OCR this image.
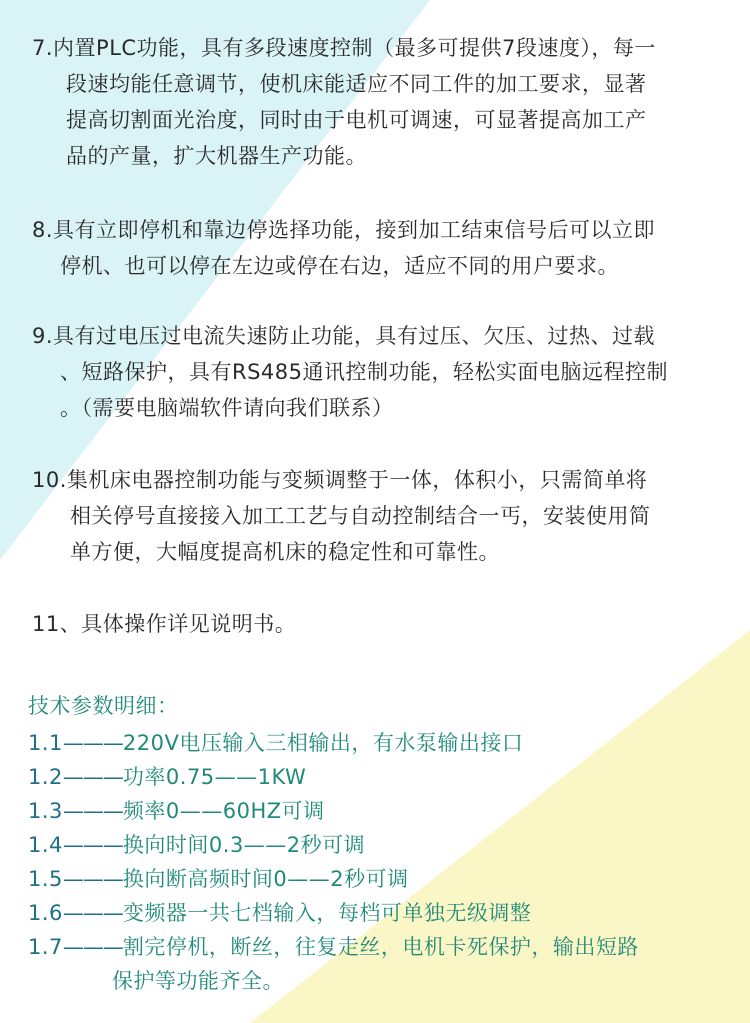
7.内置PLC功能，具有多段速度控制（最多可提供7段速度），每一
段速均能任意调节，使机床能适应不同工件的加工要求，显著
提高切割面光治度，同时由于电机可调速，可显著提高加工产
品的产量，扩大机器生产功能。
8.具有立即停机和靠边停选择功能，接到加工结束信号后可以立即
停机、也可以停在左边或停在右边，适应不同的用户要求。
9.具有过电压过电流失速防止功能，具有过压、欠压、过热、过载
、短路保护，具有RS485通讯控制功能，轻松实面电脑远程控制
。（需要电脑端软件请向我们联系）
10.集机床电器控制功能与变频调整于一体，体积小，只需简单将
相关停号直接接入加工工艺与自动控制结合一丐，安装使用简
单方便，大幅度提高机床的稳定性和可靠性。
11、具体操作详见说明书。
技术参数明细：
1.1———220V电压输入三相输出，有水泵输出接口
1.2———功率0.75——1KW
1.3———频率0——60HZ可调
1.4———换向时间0.3——2秒可调
1.5———换向断高频时间0——2秒可调
1.6———变频器一共七档输入，每档可单独无级调整
1.7———割完停机，断丝，往复走丝，电机卡死保护，输出短路
保护等功能齐全。
